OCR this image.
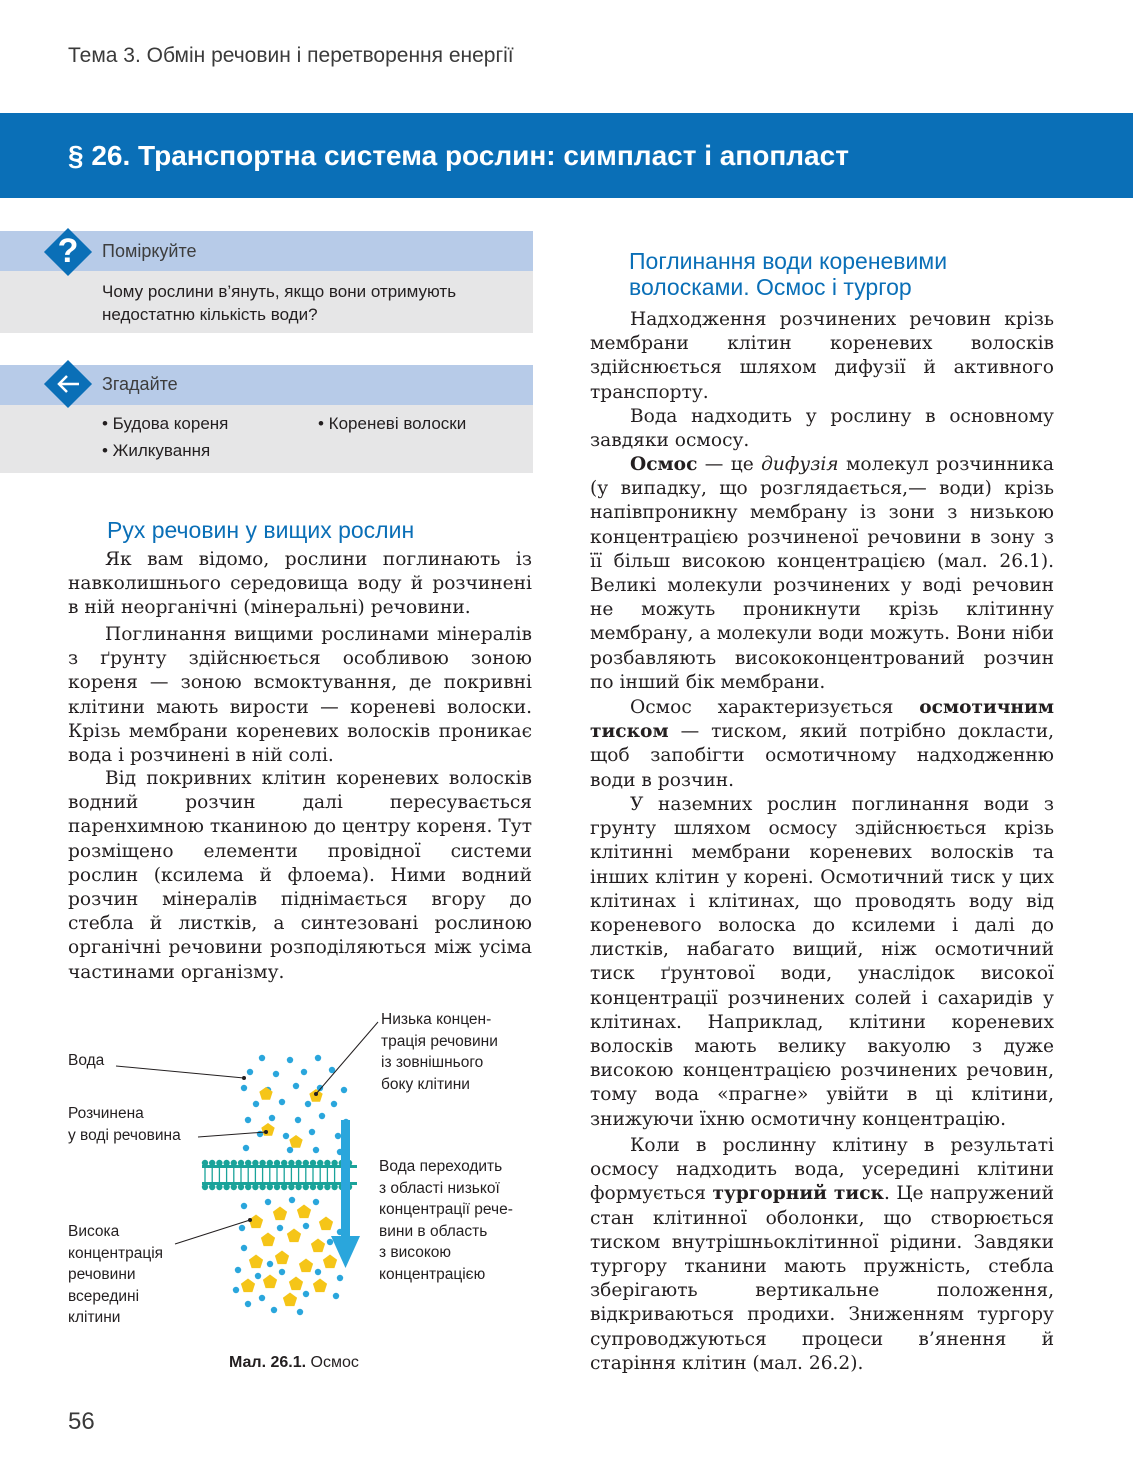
Тема 3. Обмін речовин і перетворення енергії
§ 26. Транспортна система рослин: симпласт і апопласт
?	Поміркуйте
Чому рослини в’януть, якщо вони отримують
недостатню кількість води?
Згадайте
• Будова кореня	• Кореневі волоски
• Жилкування
Рух речовин у вищих рослин

Як вам відомо, рослини поглинають із навколишнього середовища воду й розчинені в ній неорганічні (мінеральні) речовини.

Поглинання вищими рослинами мінералів з ґрунту здійснюється особливою зоною кореня — зоною всмоктування, де покривні клітини мають вирости — кореневі волоски. Крізь мембрани кореневих волосків проникає вода і розчинені в ній солі.

Від покривних клітин кореневих волосків водний розчин далі пересувається паренхимною тканиною до центру кореня. Тут розміщено елементи провідної системи рослин (ксилема й флоема). Ними водний розчин мінералів піднімається вгору до стебла й листків, а синтезовані рослиною органічні речовини розподіляються між усіма частинами організму.

Вода
Розчинена
у воді речовина
Висока
концентрація
речовини
всередині
клітини
Низька концен-
трація речовини
із зовнішнього
боку клітини
Вода переходить
з області низької
концентрації рече-
вини в область
з високою
концентрацією
Мал. 26.1. Осмос
Поглинання води кореневими
волосками. Осмос і тургор

Надходження розчинених речовин крізь мембрани клітин кореневих волосків здійснюється шляхом дифузії й активного транспорту.

Вода надходить у рослину в основному завдяки осмосу.

Осмос — це дифузія молекул розчинника (у випадку, що розглядається,— води) крізь напівпроникну мембрану із зони з низькою концентрацією розчиненої речовини в зону з її більш високою концентрацією (мал. 26.1). Великі молекули розчинених у воді речовин не можуть проникнути крізь клітинну мембрану, а молекули води можуть. Вони ніби розбавляють висококонцентрований розчин по інший бік мембрани.

Осмос характеризується осмотичним тиском — тиском, який потрібно докласти, щоб запобігти осмотичному надходженню води в розчин.

У наземних рослин поглинання води з грунту шляхом осмосу здійснюється крізь клітинні мембрани кореневих волосків та інших клітин у корені. Осмотичний тиск у цих клітинах і клітинах, що проводять воду від кореневого волоска до ксилеми і далі до листків, набагато вищий, ніж осмотичний тиск ґрунтової води, унаслідок високої концентрації розчинених солей і сахаридів у клітинах. Наприклад, клітини кореневих волосків мають велику вакуолю з дуже високою концентрацією розчинених речовин, тому вода «прагне» увійти в ці клітини, знижуючи їхню осмотичну концентрацію.

Коли в рослинну клітину в результаті осмосу надходить вода, усередині клітини формується тургорний тиск. Це напружений стан клітинної оболонки, що створюється тиском внутрішньоклітинної рідини. Завдяки тургору тканини мають пружність, стебла зберігають вертикальне положення, відкриваються продихи. Зниженням тургору супроводжуються процеси в’янення й старіння клітин (мал. 26.2).

56
